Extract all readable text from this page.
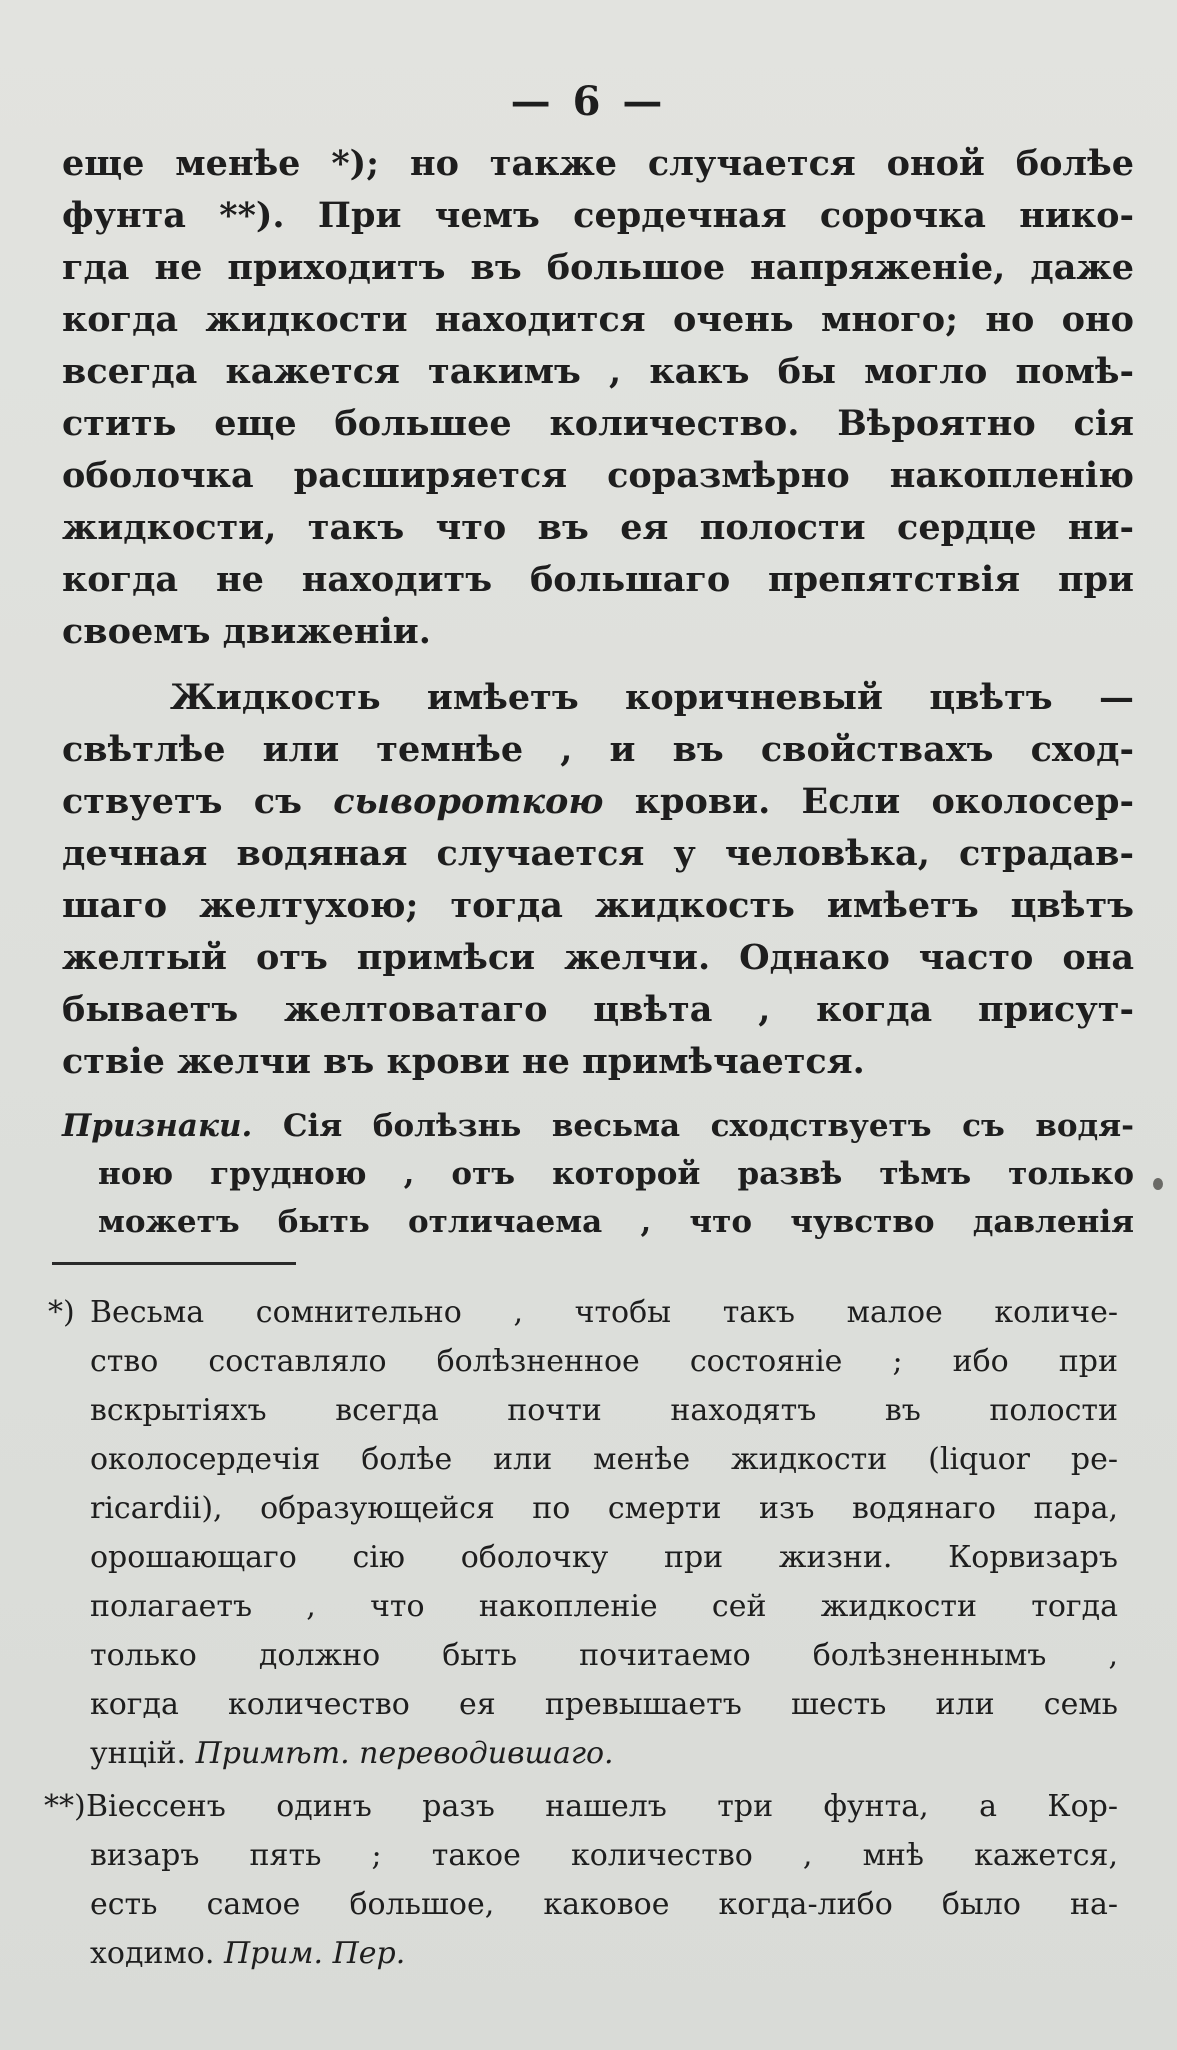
— 6 —
еще менѣе *); но также случается оной болѣе
фунта **). При чемъ сердечная сорочка нико-
гда не приходитъ въ большое напряженіе, даже
когда жидкости находится очень много; но оно
всегда кажется такимъ , какъ бы могло помѣ-
стить еще большее количество. Вѣроятно сія
оболочка расширяется соразмѣрно накопленію
жидкости, такъ что въ ея полости сердце ни-
когда не находитъ большаго препятствія при
своемъ движеніи.
Жидкость имѣетъ коричневый цвѣтъ —
свѣтлѣе или темнѣе , и въ свойствахъ сход-
ствуетъ съ сывороткою крови. Если околосер-
дечная водяная случается у человѣка, страдав-
шаго желтухою; тогда жидкость имѣетъ цвѣтъ
желтый отъ примѣси желчи. Однако часто она
бываетъ желтоватаго цвѣта , когда присут-
ствіе желчи въ крови не примѣчается.
Признаки. Сія болѣзнь весьма сходствуетъ съ водя-
ною грудною , отъ которой развѣ тѣмъ только
можетъ быть отличаема , что чувство давленія
*) Весьма сомнительно , чтобы такъ малое количе-
ство составляло болѣзненное состояніе ; ибо при
вскрытіяхъ всегда почти находятъ въ полости
околосердечія болѣе или менѣе жидкости (liquor pe-
ricardii), образующейся по смерти изъ водянаго пара,
орошающаго сію оболочку при жизни. Корвизаръ
полагаетъ , что накопленіе сей жидкости тогда
только должно быть почитаемо болѣзненнымъ ,
когда количество ея превышаетъ шесть или семь
унцій. Примѣт. переводившаго.
**)Віессенъ одинъ разъ нашелъ три фунта, а Кор-
визаръ пять ; такое количество , мнѣ кажется,
есть самое большое, каковое когда-либо было на-
ходимо. Прим. Пер.
